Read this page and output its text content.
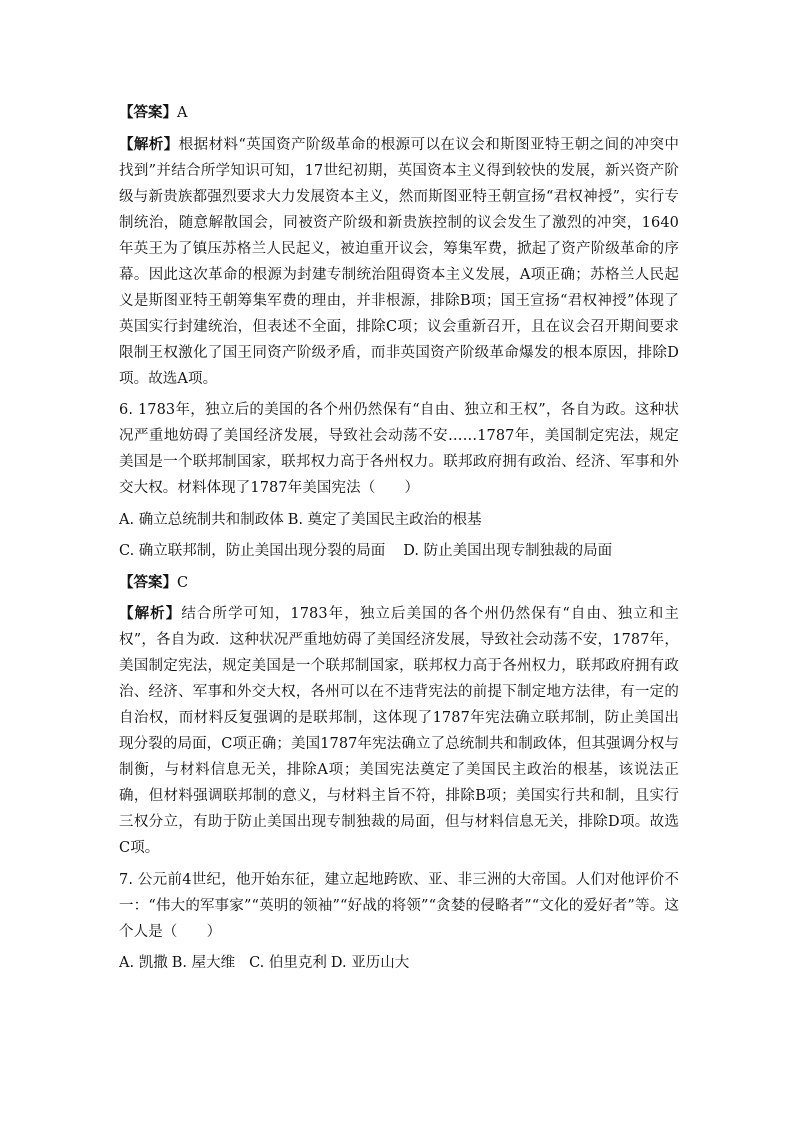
【答案】A

【解析】根据材料“英国资产阶级革命的根源可以在议会和斯图亚特王朝之间的冲突中找到”并结合所学知识可知，17世纪初期，英国资本主义得到较快的发展，新兴资产阶级与新贵族都强烈要求大力发展资本主义，然而斯图亚特王朝宣扬“君权神授”，实行专制统治，随意解散国会，同被资产阶级和新贵族控制的议会发生了激烈的冲突，1640年英王为了镇压苏格兰人民起义，被迫重开议会，筹集军费，掀起了资产阶级革命的序幕。因此这次革命的根源为封建专制统治阻碍资本主义发展，A项正确；苏格兰人民起义是斯图亚特王朝筹集军费的理由，并非根源，排除B项；国王宣扬“君权神授”体现了英国实行封建统治，但表述不全面，排除C项；议会重新召开，且在议会召开期间要求限制王权激化了国王同资产阶级矛盾，而非英国资产阶级革命爆发的根本原因，排除D项。故选A项。

6. 1783年，独立后的美国的各个州仍然保有“自由、独立和王权”，各自为政。这种状况严重地妨碍了美国经济发展，导致社会动荡不安……1787年，美国制定宪法，规定美国是一个联邦制国家，联邦权力高于各州权力。联邦政府拥有政治、经济、军事和外交大权。材料体现了1787年美国宪法（　　）

A. 确立总统制共和制政体 B. 奠定了美国民主政治的根基

C. 确立联邦制，防止美国出现分裂的局面 D. 防止美国出现专制独裁的局面

【答案】C

【解析】结合所学可知，1783年，独立后美国的各个州仍然保有“自由、独立和主权”，各自为政．这种状况严重地妨碍了美国经济发展，导致社会动荡不安，1787年，美国制定宪法，规定美国是一个联邦制国家，联邦权力高于各州权力，联邦政府拥有政治、经济、军事和外交大权，各州可以在不违背宪法的前提下制定地方法律，有一定的自治权，而材料反复强调的是联邦制，这体现了1787年宪法确立联邦制，防止美国出现分裂的局面，C项正确；美国1787年宪法确立了总统制共和制政体，但其强调分权与制衡，与材料信息无关，排除A项；美国宪法奠定了美国民主政治的根基，该说法正确，但材料强调联邦制的意义，与材料主旨不符，排除B项；美国实行共和制，且实行三权分立，有助于防止美国出现专制独裁的局面，但与材料信息无关，排除D项。故选C项。

7. 公元前4世纪，他开始东征，建立起地跨欧、亚、非三洲的大帝国。人们对他评价不一：“伟大的军事家”“英明的领袖”“好战的将领”“贪婪的侵略者”“文化的爱好者”等。这个人是（　　）

A. 凯撒 B. 屋大维 C. 伯里克利 D. 亚历山大
